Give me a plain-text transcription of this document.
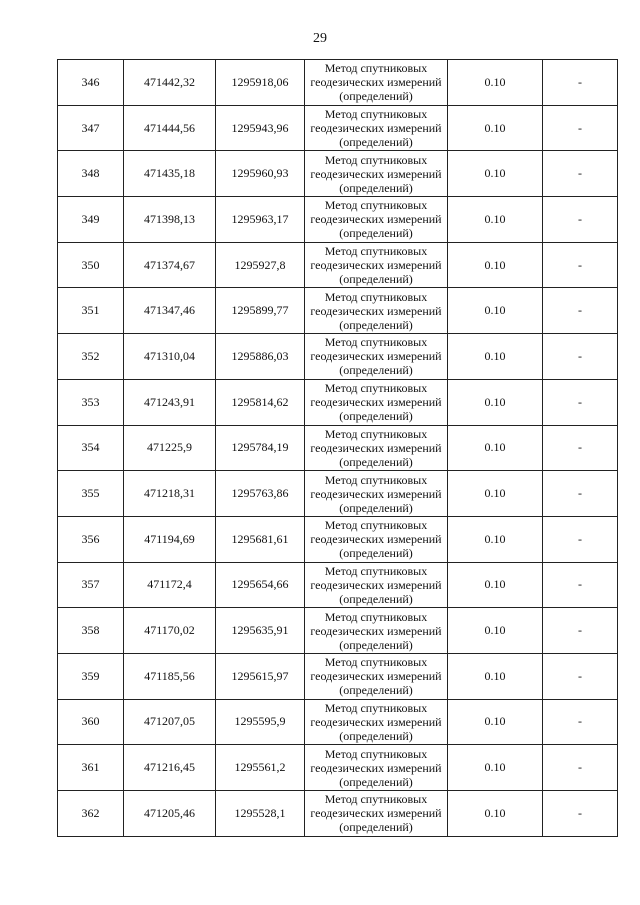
29
346	471442,32	1295918,06	Метод спутниковых геодезических измерений (определений)	0.10	-
347	471444,56	1295943,96	Метод спутниковых геодезических измерений (определений)	0.10	-
348	471435,18	1295960,93	Метод спутниковых геодезических измерений (определений)	0.10	-
349	471398,13	1295963,17	Метод спутниковых геодезических измерений (определений)	0.10	-
350	471374,67	1295927,8	Метод спутниковых геодезических измерений (определений)	0.10	-
351	471347,46	1295899,77	Метод спутниковых геодезических измерений (определений)	0.10	-
352	471310,04	1295886,03	Метод спутниковых геодезических измерений (определений)	0.10	-
353	471243,91	1295814,62	Метод спутниковых геодезических измерений (определений)	0.10	-
354	471225,9	1295784,19	Метод спутниковых геодезических измерений (определений)	0.10	-
355	471218,31	1295763,86	Метод спутниковых геодезических измерений (определений)	0.10	-
356	471194,69	1295681,61	Метод спутниковых геодезических измерений (определений)	0.10	-
357	471172,4	1295654,66	Метод спутниковых геодезических измерений (определений)	0.10	-
358	471170,02	1295635,91	Метод спутниковых геодезических измерений (определений)	0.10	-
359	471185,56	1295615,97	Метод спутниковых геодезических измерений (определений)	0.10	-
360	471207,05	1295595,9	Метод спутниковых геодезических измерений (определений)	0.10	-
361	471216,45	1295561,2	Метод спутниковых геодезических измерений (определений)	0.10	-
362	471205,46	1295528,1	Метод спутниковых геодезических измерений (определений)	0.10	-
